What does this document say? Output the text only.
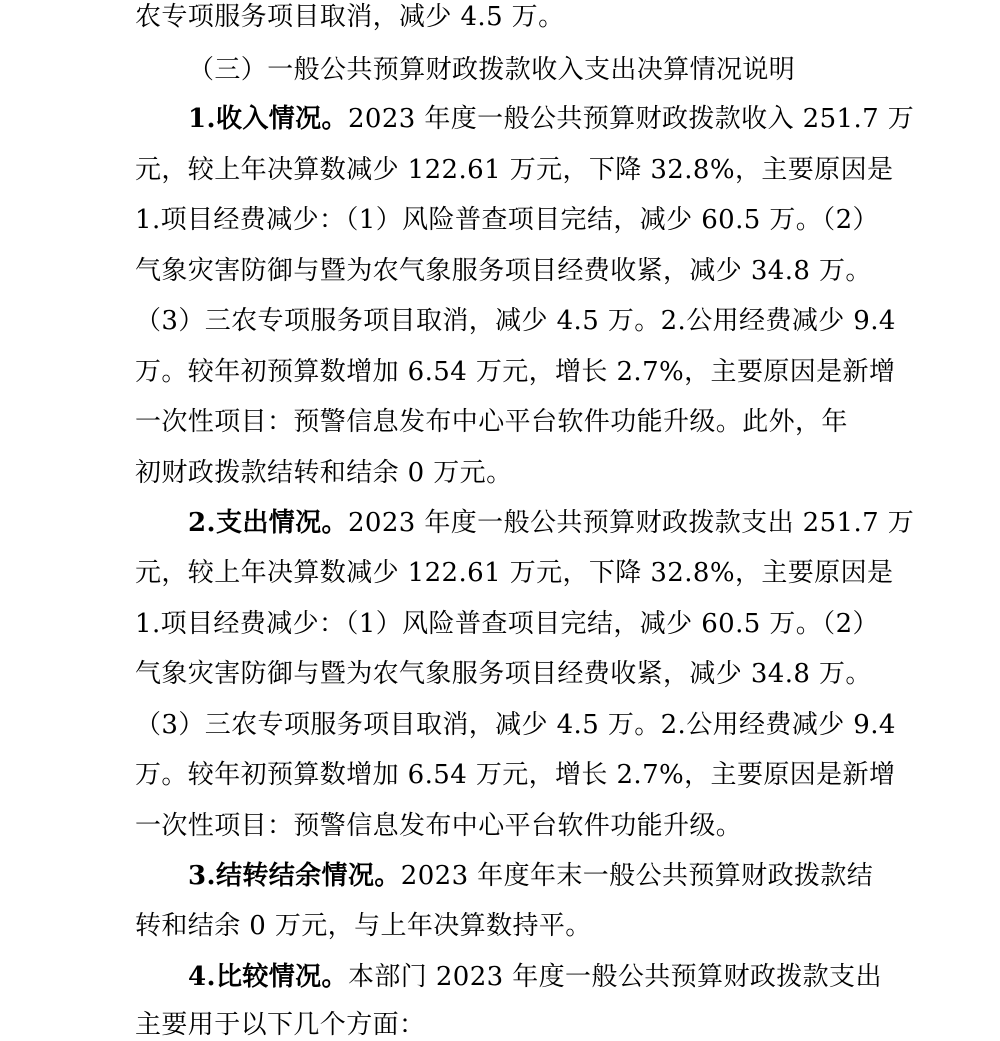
农专项服务项目取消，减少 4.5 万。
（三）一般公共预算财政拨款收入支出决算情况说明
1.收入情况。2023 年度一般公共预算财政拨款收入 251.7 万
元，较上年决算数减少 122.61 万元，下降 32.8%，主要原因是
1.项目经费减少：（1）风险普查项目完结，减少 60.5 万。（2）
气象灾害防御与暨为农气象服务项目经费收紧，减少 34.8 万。
（3）三农专项服务项目取消，减少 4.5 万。2.公用经费减少 9.4
万。较年初预算数增加 6.54 万元，增长 2.7%，主要原因是新增
一次性项目：预警信息发布中心平台软件功能升级。此外，年
初财政拨款结转和结余 0 万元。
2.支出情况。2023 年度一般公共预算财政拨款支出 251.7 万
元，较上年决算数减少 122.61 万元，下降 32.8%，主要原因是
1.项目经费减少：（1）风险普查项目完结，减少 60.5 万。（2）
气象灾害防御与暨为农气象服务项目经费收紧，减少 34.8 万。
（3）三农专项服务项目取消，减少 4.5 万。2.公用经费减少 9.4
万。较年初预算数增加 6.54 万元，增长 2.7%，主要原因是新增
一次性项目：预警信息发布中心平台软件功能升级。
3.结转结余情况。2023 年度年末一般公共预算财政拨款结
转和结余 0 万元，与上年决算数持平。
4.比较情况。本部门 2023 年度一般公共预算财政拨款支出
主要用于以下几个方面：
